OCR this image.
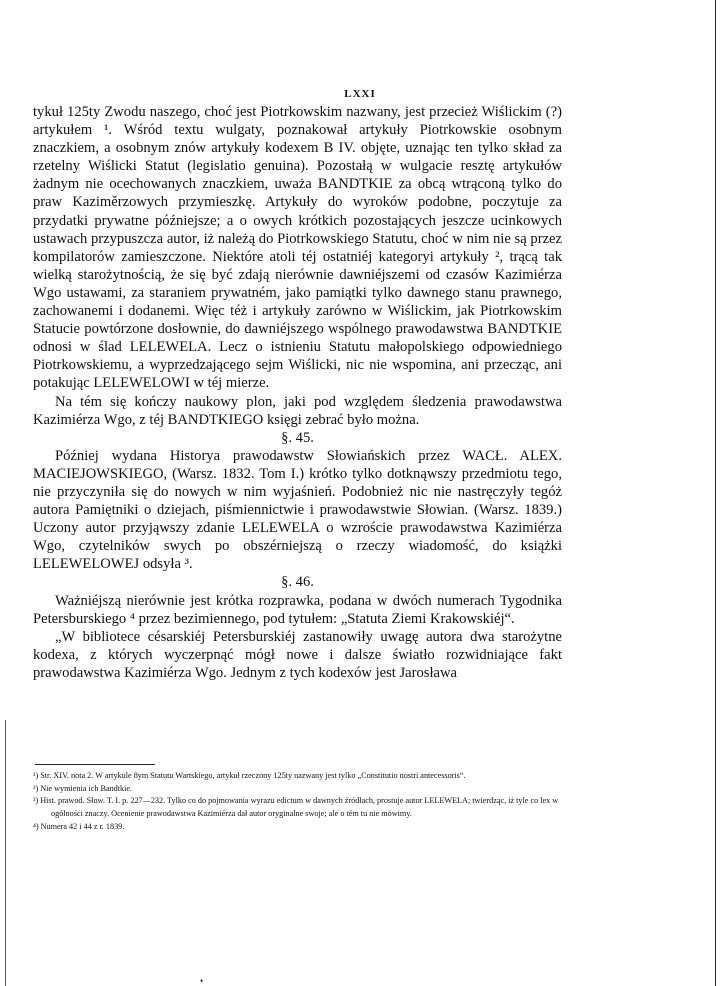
LXXI

tykuł 125ty Zwodu naszego, choć jest Piotrkowskim nazwany, jest przecież Wiślickim (?) artykułem ¹. Wśród textu wulgaty, poznakował artykuły Piotrkowskie osobnym znaczkiem, a osobnym znów artykuły kodexem B IV. objęte, uznając ten tylko skład za rzetelny Wiślicki Statut (legislatio genuina). Pozostałą w wulgacie resztę artykułów żadnym nie ocechowanych znaczkiem, uważa BANDTKIE za obcą wtrąconą tylko do praw Kaziměrzowych przymieszkę. Artykuły do wyroków podobne, poczytuje za przydatki prywatne późniejsze; a o owych krótkich pozostających jeszcze ucinkowych ustawach przypuszcza autor, iż należą do Piotrkowskiego Statutu, choć w nim nie są przez kompilatorów zamieszczone. Niektóre atoli téj ostatniéj kategoryi artykuły ², trącą tak wielką starożytnością, że się być zdają nierównie dawniéjszemi od czasów Kazimiérza Wgo ustawami, za staraniem prywatném, jako pamiątki tylko dawnego stanu prawnego, zachowanemi i dodanemi. Więc téż i artykuły zarówno w Wiślickim, jak Piotrkowskim Statucie powtórzone dosłownie, do dawniéjszego wspólnego prawodawstwa BANDTKIE odnosi w ślad LELEWELA. Lecz o istnieniu Statutu małopolskiego odpowiedniego Piotrkowskiemu, a wyprzedzającego sejm Wiślicki, nic nie wspomina, ani przecząc, ani potakując LELEWELOWI w téj mierze.

Na tém się kończy naukowy plon, jaki pod względem śledzenia prawodawstwa Kazimiérza Wgo, z téj BANDTKIEGO księgi zebrać było można.

§. 45.

Później wydana Historya prawodawstw Słowiańskich przez WACŁ. ALEX. MACIEJOWSKIEGO, (Warsz. 1832. Tom I.) krótko tylko dotknąwszy przedmiotu tego, nie przyczyniła się do nowych w nim wyjaśnień. Podobnież nic nie nastręczyły tegóż autora Pamiętniki o dziejach, piśmiennictwie i prawodawstwie Słowian. (Warsz. 1839.) Uczony autor przyjąwszy zdanie LELEWELA o wzroście prawodawstwa Kazimiérza Wgo, czytelników swych po obszérniejszą o rzeczy wiadomość, do książki LELEWELOWEJ odsyła ³.

§. 46.

Ważniéjszą nierównie jest krótka rozprawka, podana w dwóch numerach Tygodnika Petersburskiego ⁴ przez bezimiennego, pod tytułem: „Statuta Ziemi Krakowskiéj“.

„W bibliotece césarskiéj Petersburskiéj zastanowiły uwagę autora dwa starożytne kodexa, z których wyczerpnąć mógł nowe i dalsze światło rozwidniające fakt prawodawstwa Kazimiérza Wgo. Jednym z tych kodexów jest Jarosława

¹) Str. XIV. nota 2. W artykule 8ym Statutu Wartskiego, artykuł rzeczony 125ty nazwany jest tylko „Constitutio nostri antecessoris“.

²) Nie wymienia ich Bandtkie.

³) Hist. prawod. Słow. T. I. p. 227—232. Tylko co do pojmowania wyrazu edictum w dawnych źródłach, prostuje autor LELEWELA; twierdząc, iż tyle co lex w ogólności znaczy. Ocenienie prawodawstwa Kazimiérza dał autor oryginalne swoje; ale o tém tu nie mówimy.

⁴) Numera 42 i 44 z r. 1839.

•
